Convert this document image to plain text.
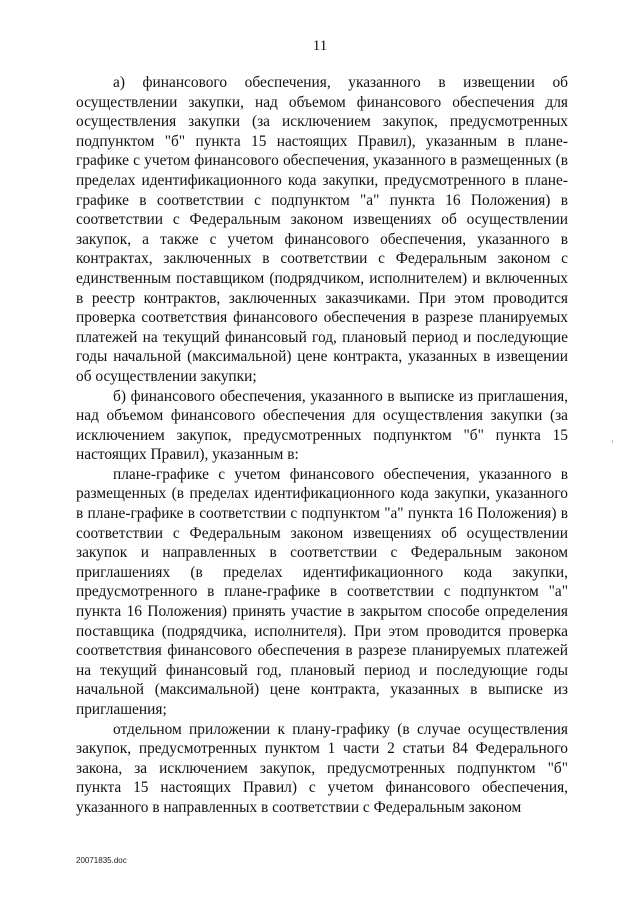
11

а) финансового обеспечения, указанного в извещении об осуществлении закупки, над объемом финансового обеспечения для осуществления закупки (за исключением закупок, предусмотренных подпунктом "б" пункта 15 настоящих Правил), указанным в плане-графике с учетом финансового обеспечения, указанного в размещенных (в пределах идентификационного кода закупки, предусмотренного в плане-графике в соответствии с подпунктом "а" пункта 16 Положения) в соответствии с Федеральным законом извещениях об осуществлении закупок, а также с учетом финансового обеспечения, указанного в контрактах, заключенных в соответствии с Федеральным законом с единственным поставщиком (подрядчиком, исполнителем) и включенных в реестр контрактов, заключенных заказчиками. При этом проводится проверка соответствия финансового обеспечения в разрезе планируемых платежей на текущий финансовый год, плановый период и последующие годы начальной (максимальной) цене контракта, указанных в извещении об осуществлении закупки;

б) финансового обеспечения, указанного в выписке из приглашения, над объемом финансового обеспечения для осуществления закупки (за исключением закупок, предусмотренных подпунктом "б" пункта 15 настоящих Правил), указанным в:

плане-графике с учетом финансового обеспечения, указанного в размещенных (в пределах идентификационного кода закупки, указанного в плане-графике в соответствии с подпунктом "а" пункта 16 Положения) в соответствии с Федеральным законом извещениях об осуществлении закупок и направленных в соответствии с Федеральным законом приглашениях (в пределах идентификационного кода закупки, предусмотренного в плане-графике в соответствии с подпунктом "а" пункта 16 Положения) принять участие в закрытом способе определения поставщика (подрядчика, исполнителя). При этом проводится проверка соответствия финансового обеспечения в разрезе планируемых платежей на текущий финансовый год, плановый период и последующие годы начальной (максимальной) цене контракта, указанных в выписке из приглашения;

отдельном приложении к плану-графику (в случае осуществления закупок, предусмотренных пунктом 1 части 2 статьи 84 Федерального закона, за исключением закупок, предусмотренных подпунктом "б" пункта 15 настоящих Правил) с учетом финансового обеспечения, указанного в направленных в соответствии с Федеральным законом

20071835.doc
